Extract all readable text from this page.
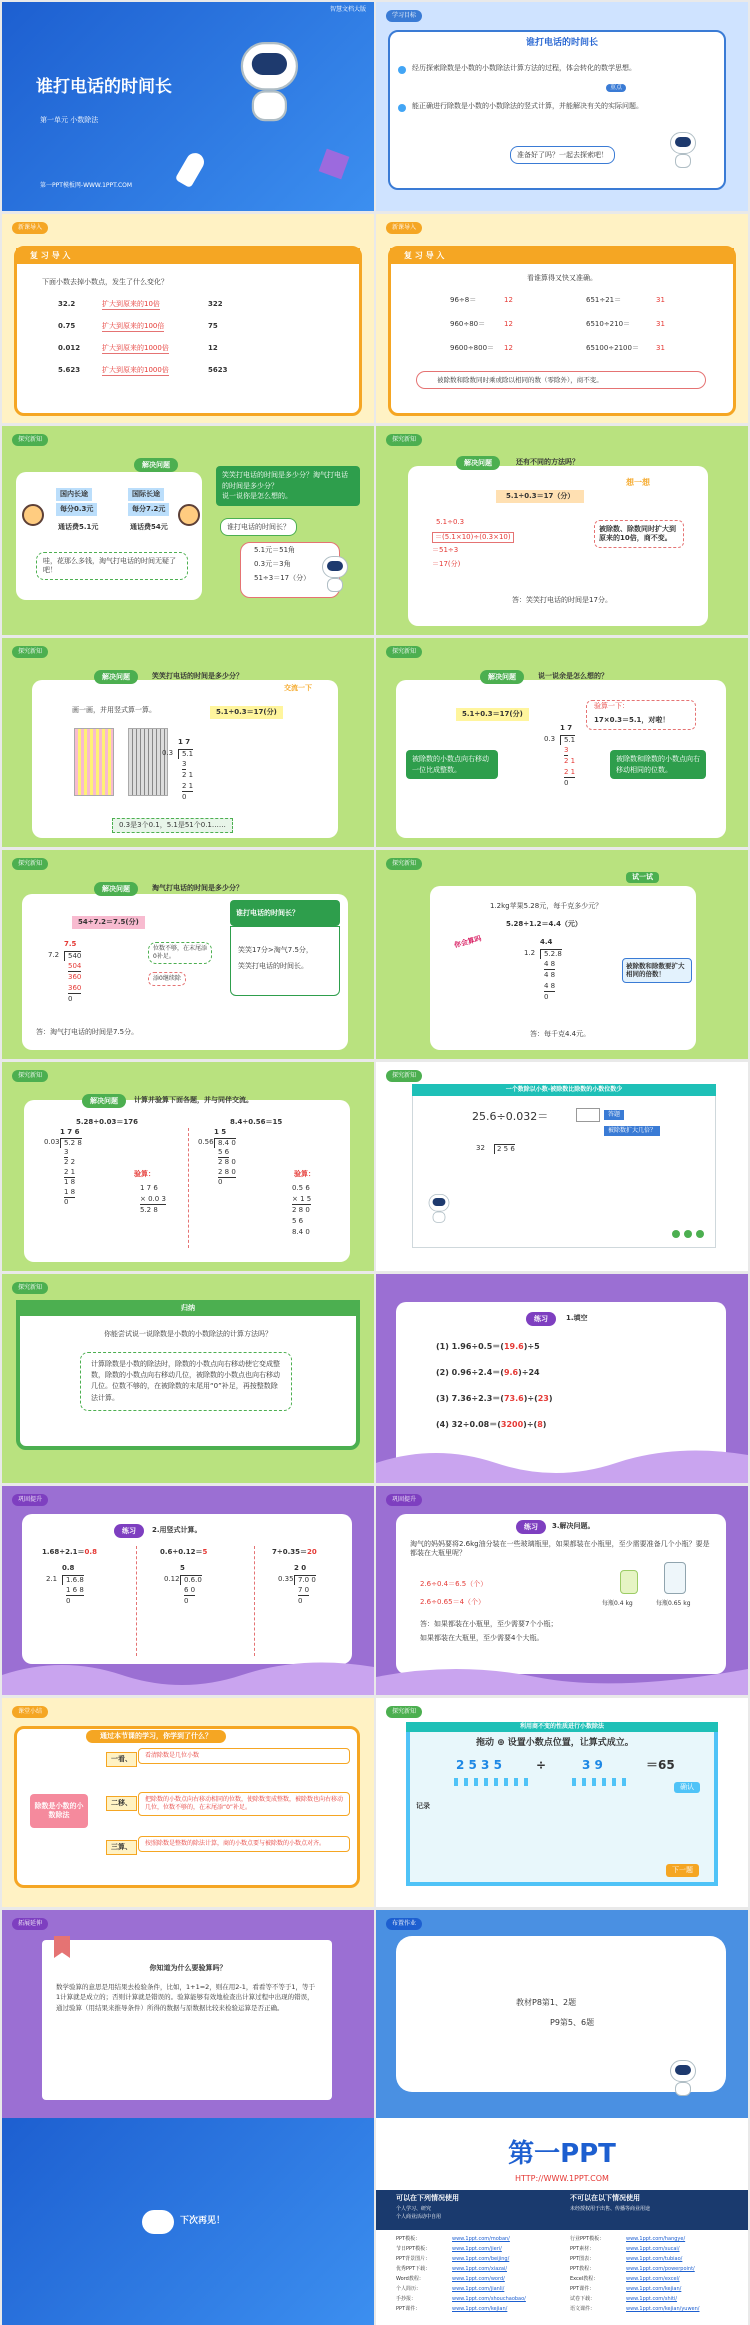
智慧文档大版
谁打电话的时间长
第一单元 小数除法
第一PPT模板网-WWW.1PPT.COM
学习目标
谁打电话的时间长
经历探索除数是小数的小数除法计算方法的过程，体会转化的数学思想。
重点
能正确进行除数是小数的小数除法的竖式计算，并能解决有关的实际问题。
准备好了吗？一起去探索吧！
新课导入
复 习 导 入
下面小数去掉小数点，发生了什么变化？
32.2	扩大到原来的10倍	322
0.75	扩大到原来的100倍	75
0.012	扩大到原来的1000倍	12
5.623	扩大到原来的1000倍	5623
新课导入
复 习 导 入
看谁算得又快又准确。
被除数和除数同时乘或除以相同的数（零除外），商不变。
96÷8＝	12	651÷21＝	31
960÷80＝	12	6510÷210＝	31
9600÷800＝ 12	65100÷2100＝ 31
探究新知
解决问题
国内长途
每分0.3元
通话费5.1元
国际长途
每分7.2元
通话费54元
哇，花那么多钱，淘气打电话的时间无疑了吧！
笑笑打电话的时间是多少分？淘气打电话的时间是多少分？
说一说你是怎么想的。
谁打电话的时间长？
5.1元＝51角
0.3元＝3角
51÷3＝17（分）
探究新知
解决问题	还有不同的方法吗？
想一想
5.1÷0.3＝17（分）
5.1÷0.3
＝(5.1×10)÷(0.3×10)
＝51÷3
＝17(分)
被除数、除数同时扩大到原来的10倍，商不变。
答：笑笑打电话的时间是17分。
探究新知
解决问题	笑笑打电话的时间是多少分？
交流一下
画一画，并用竖式算一算。	5.1÷0.3＝17(分)
0.3是3个0.1，5.1是51个0.1……
1 7
0.3	5.1
3
2 1
2 1
0
探究新知
解决问题	说一说余是怎么想的？
5.1÷0.3＝17(分)
验算一下：
17×0.3＝5.1，对啦！
被除数的小数点向右移动一位比成整数。
被除数和除数的小数点向右移动相同的位数。
1 7
0.3	5.1
3
2 1
2 1
0
探究新知
解决问题	淘气打电话的时间是多少分？
54÷7.2＝7.5(分)
位数不够，在末尾添0补足。
添0继续除
谁打电话的时间长？
笑笑17分>淘气7.5分，
笑笑打电话的时间长。
答：淘气打电话的时间是7.5分。
7.5
7.2	540
504
360
360
0
探究新知
试一试
1.2kg苹果5.28元，每千克多少元？
5.28÷1.2＝4.4（元）
你会算吗
被除数和除数要扩大相同的倍数！
答：每千克4.4元。
4.4
1.2	5.2.8
4 8
4 8
4 8
0
探究新知
解决问题	计算并验算下面各题，并与同伴交流。
5.28÷0.03＝176	8.4÷0.56＝15
验算：	验算：
1 7 6
0.03 5.2 8
3
2 2
2 1
1 8
1 8
0
1 5
0.56 8.4 0
5 6
2 8 0
2 8 0
0
1 7 6
× 0.0 3
5.2 8
0.5 6
× 1 5
2 8 0
5 6
8.4 0
探究新知
一个数除以小数-被除数比除数的小数位数少
25.6÷0.032＝	答题
被除数扩大几倍？
32	2 5 6
探究新知
归纳
你能尝试说一说除数是小数的小数除法的计算方法吗？
计算除数是小数的除法时，除数的小数点向右移动使它变成整数，除数的小数点向右移动几位，被除数的小数点也向右移动几位。位数不够的，在被除数的末尾用“0”补足，再按整数除法计算。
练习	1.填空
(1) 1.96÷0.5＝(19.6)÷5
(2) 0.96÷2.4＝(9.6)÷24
(3) 7.36÷2.3＝(73.6)÷(23)
(4) 32÷0.08＝(3200)÷(8)
巩固提升
练习	2.用竖式计算。
1.68÷2.1＝0.8	0.6÷0.12＝5	7÷0.35＝20
0.8
2.1	1.6.8
1 6 8
0
5
0.12 0.6.0
6 0
0
2 0
0.35 7.0 0
7 0
0
巩固提升
练习	3.解决问题。
淘气的妈妈要将2.6kg油分装在一些玻璃瓶里，如果都装在小瓶里，至少需要准备几个小瓶？要是都装在大瓶里呢？
2.6÷0.4＝6.5（个）
2.6÷0.65＝4（个）	每瓶0.4 kg	每瓶0.65 kg
答：如果都装在小瓶里，至少需要7个小瓶；
如果都装在大瓶里，至少需要4个大瓶。
课堂小结
通过本节课的学习，你学到了什么？
除数是小数的小数除法
一看、	看清除数是几位小数
二移、	把除数的小数点向右移动相同的位数，使除数变成整数，被除数也向右移动几位，位数不够的，在末尾添“0”补足。
三算、	按照除数是整数的除法计算，商的小数点要与被除数的小数点对齐。
探究新知
利用商不变的性质进行小数除法
拖动 ⊕ 设置小数点位置，让算式成立。
2 5 3 5	÷	3 9	＝65
确认
记录
下一题
拓展延伸
你知道为什么要验算吗？
数学验算的意思是用结果去检验条件，比如，1+1=2，则在用2-1，看看等不等于1，等于1计算就是成立的；否则计算就是错误的。验算能够有效地检查出计算过程中出现的错误，通过验算（用结果来推导条件）所得的数据与原数据比较来检验运算是否正确。
布置作业
教材P8第1、2题
P9第5、6题
下次再见！
第一PPT
HTTP://WWW.1PPT.COM
可以在下列情况使用
个人学习、研究
个人商业活动中自用
不可以在以下情况使用
未经授权用于出售、传播等商业用途
PPT模板：	www.1ppt.com/moban/
节日PPT模板：	www.1ppt.com/jieri/
PPT背景图片：	www.1ppt.com/beijing/
优秀PPT下载：	www.1ppt.com/xiazai/
Word教程：	www.1ppt.com/word/
个人简历：	www.1ppt.com/jianli/
手抄报：	www.1ppt.com/shouchaobao/
PPT课件：	www.1ppt.com/kejian/
行业PPT模板：	www.1ppt.com/hangye/
PPT素材：	www.1ppt.com/sucai/
PPT图表：	www.1ppt.com/tubiao/
PPT教程：	www.1ppt.com/powerpoint/
Excel教程：	www.1ppt.com/excel/
PPT课件：	www.1ppt.com/kejian/
试卷下载：	www.1ppt.com/shiti/
语文课件：	www.1ppt.com/kejian/yuwen/
